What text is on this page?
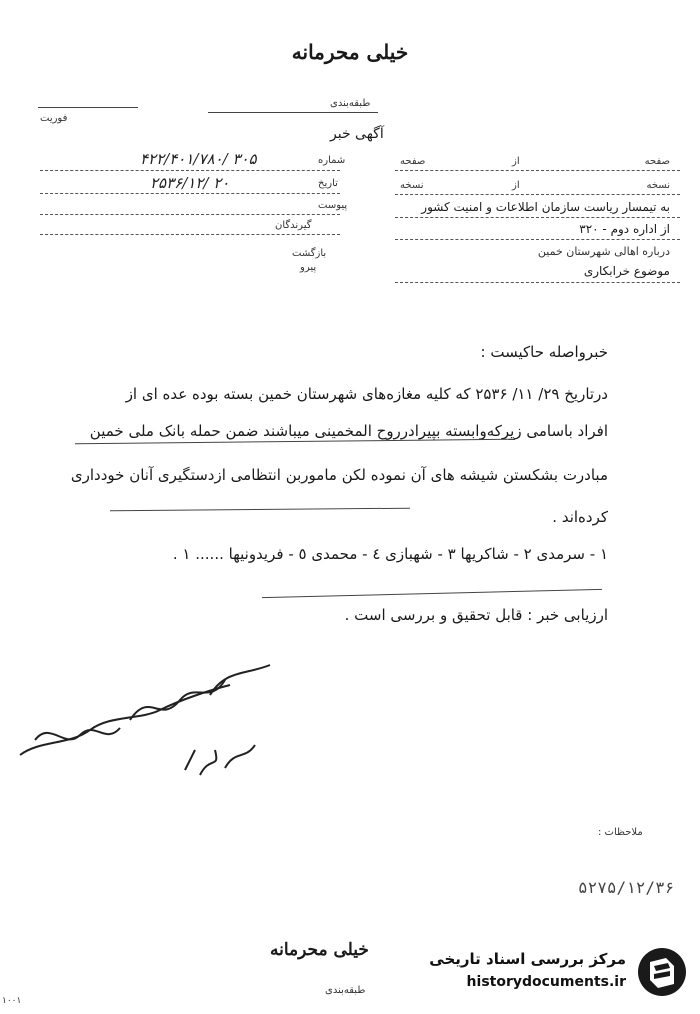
خیلی محرمانه
فوریت
طبقه‌بندی
آگهی خبر
شماره
۴۲۲/۴۰۱/۷۸۰/ ۳۰۵
تاریخ
۲۵۳۶/۱۲/ ۲۰
پیوست
گیرندگان
بازگشت
پیرو
صفحه
از
صفحه
نسخه
از
نسخه
به تیمسار ریاست سازمان اطلاعات و امنیت کشور
از اداره دوم - ۳۲۰
درباره اهالی شهرستان خمین
موضوع خرابکاری
خبرواصله حاکیست :
درتاریخ ۲۹/ ۱۱/ ۲۵۳۶ که کلیه مغازه‌های شهرستان خمین بسته بوده عده ای از
افراد باسامی زیرکه‌وابسته بپیرادرروح المخمینی میباشند ضمن حمله بانک ملی خمین
مبادرت بشکستن شیشه های آن نموده لکن ماموربن انتظامی ازدستگیری آنان خودداری
کرده‌اند .
۱ - سرمدی ۲ - شاکریها ۳ - شهبازی ٤ - محمدی ٥ - فریدونیها ...... ۱ .
ارزیابی خبر : قابل تحقیق و بررسی است .
ملاحظات :
۵۲۷۵/۱۲/۳۶
خیلی محرمانه
طبقه‌بندی
۱۰۰۱
مرکز بررسی اسناد تاریخی
historydocuments.ir
